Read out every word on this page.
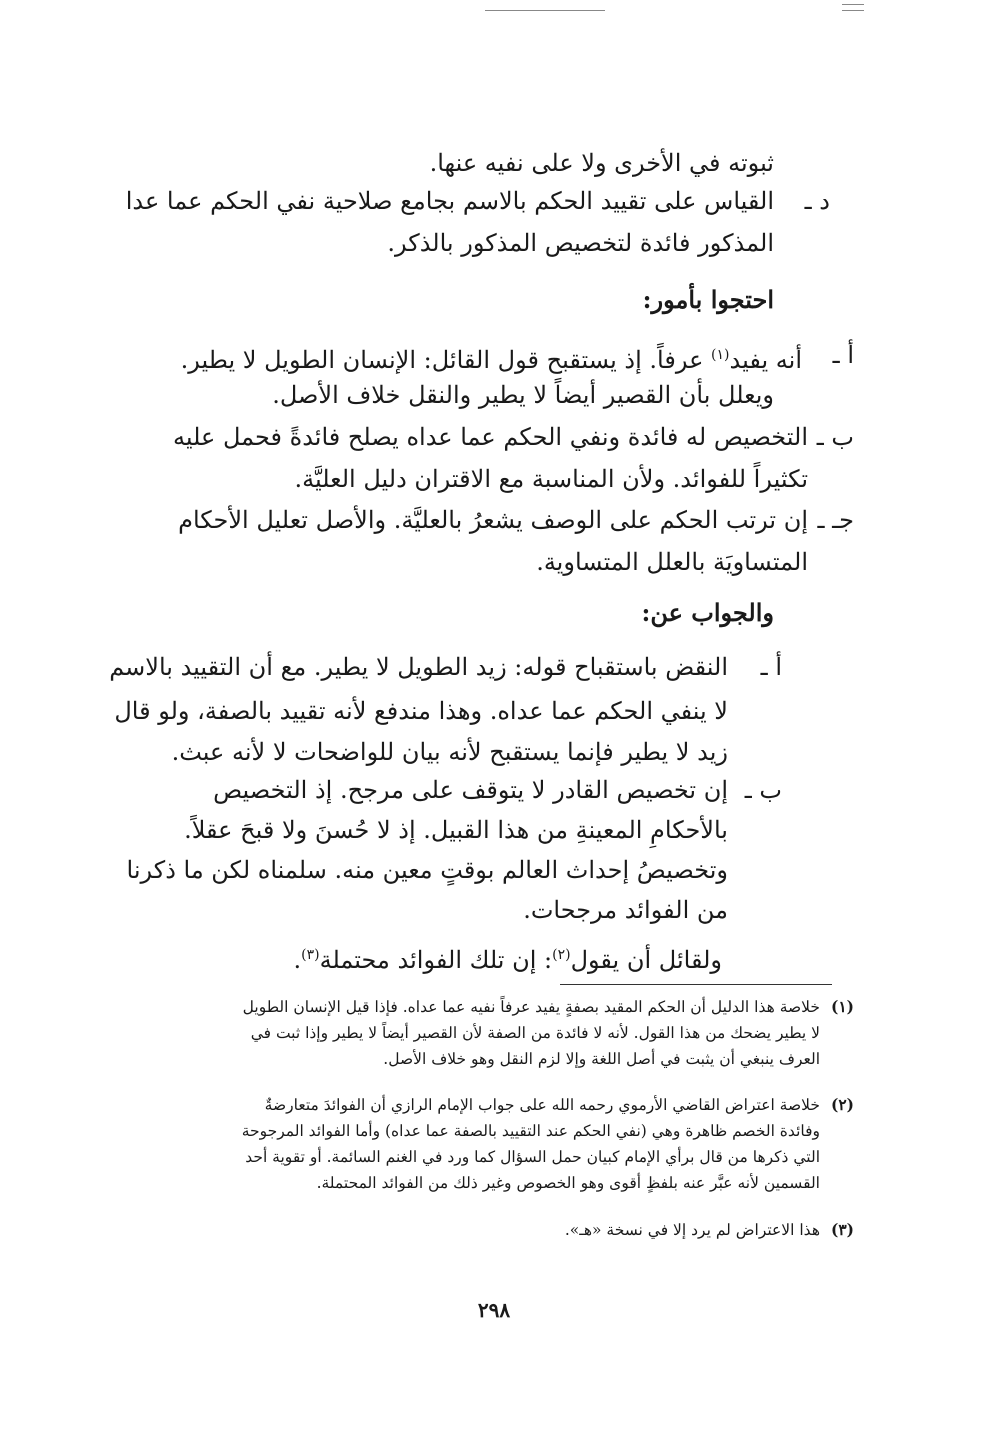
ثبوته في الأخرى ولا على نفيه عنها.
د ـ
القياس على تقييد الحكم بالاسم بجامع صلاحية نفي الحكم عما عدا
المذكور فائدة لتخصيص المذكور بالذكر.
احتجوا بأمور:
أ ـ
أنه يفيد$^{(١)}$ عرفاً. إذ يستقبح قول القائل: الإنسان الطويل لا يطير.
ويعلل بأن القصير أيضاً لا يطير والنقل خلاف الأصل.
ب ـ
التخصيص له فائدة ونفي الحكم عما عداه يصلح فائدةً فحمل عليه
تكثيراً للفوائد. ولأن المناسبة مع الاقتران دليل العليَّة.
جـ ـ
إن ترتب الحكم على الوصف يشعرُ بالعليَّة. والأصل تعليل الأحكام
المتساويَة بالعلل المتساوية.
والجواب عن:
أ ـ
النقض باستقباح قوله: زيد الطويل لا يطير. مع أن التقييد بالاسم
لا ينفي الحكم عما عداه. وهذا مندفع لأنه تقييد بالصفة، ولو قال
زيد لا يطير فإنما يستقبح لأنه بيان للواضحات لا لأنه عبث.
ب ـ
إن تخصيص القادر لا يتوقف على مرجح. إذ التخصيص
بالأحكامِ المعينةِ من هذا القبيل. إذ لا حُسنَ ولا قبحَ عقلاً.
وتخصيصُ إحداث العالم بوقتٍ معين منه. سلمناه لكن ما ذكرنا
من الفوائد مرجحات.
ولقائل أن يقول$^{(٢)}$: إن تلك الفوائد محتملة$^{(٣)}$.
(١)
خلاصة هذا الدليل أن الحكم المقيد بصفةٍ يفيد عرفاً نفيه عما عداه. فإذا قيل الإنسان الطويل
لا يطير يضحك من هذا القول. لأنه لا فائدة من الصفة لأن القصير أيضاً لا يطير وإذا ثبت في
العرف ينبغي أن يثبت في أصل اللغة وإلا لزم النقل وهو خلاف الأصل.
(٢)
خلاصة اعتراض القاضي الأرموي رحمه الله على جواب الإمام الرازي أن الفوائدَ متعارضةٌ
وفائدة الخصم ظاهرة وهي (نفي الحكم عند التقييد بالصفة عما عداه) وأما الفوائد المرجوحة
التي ذكرها من قال برأي الإمام كبيان حمل السؤال كما ورد في الغنم السائمة. أو تقوية أحد
القسمين لأنه عبَّر عنه بلفظٍ أقوى وهو الخصوص وغير ذلك من الفوائد المحتملة.
(٣)
هذا الاعتراض لم يرد إلا في نسخة «هـ».
٢٩٨
